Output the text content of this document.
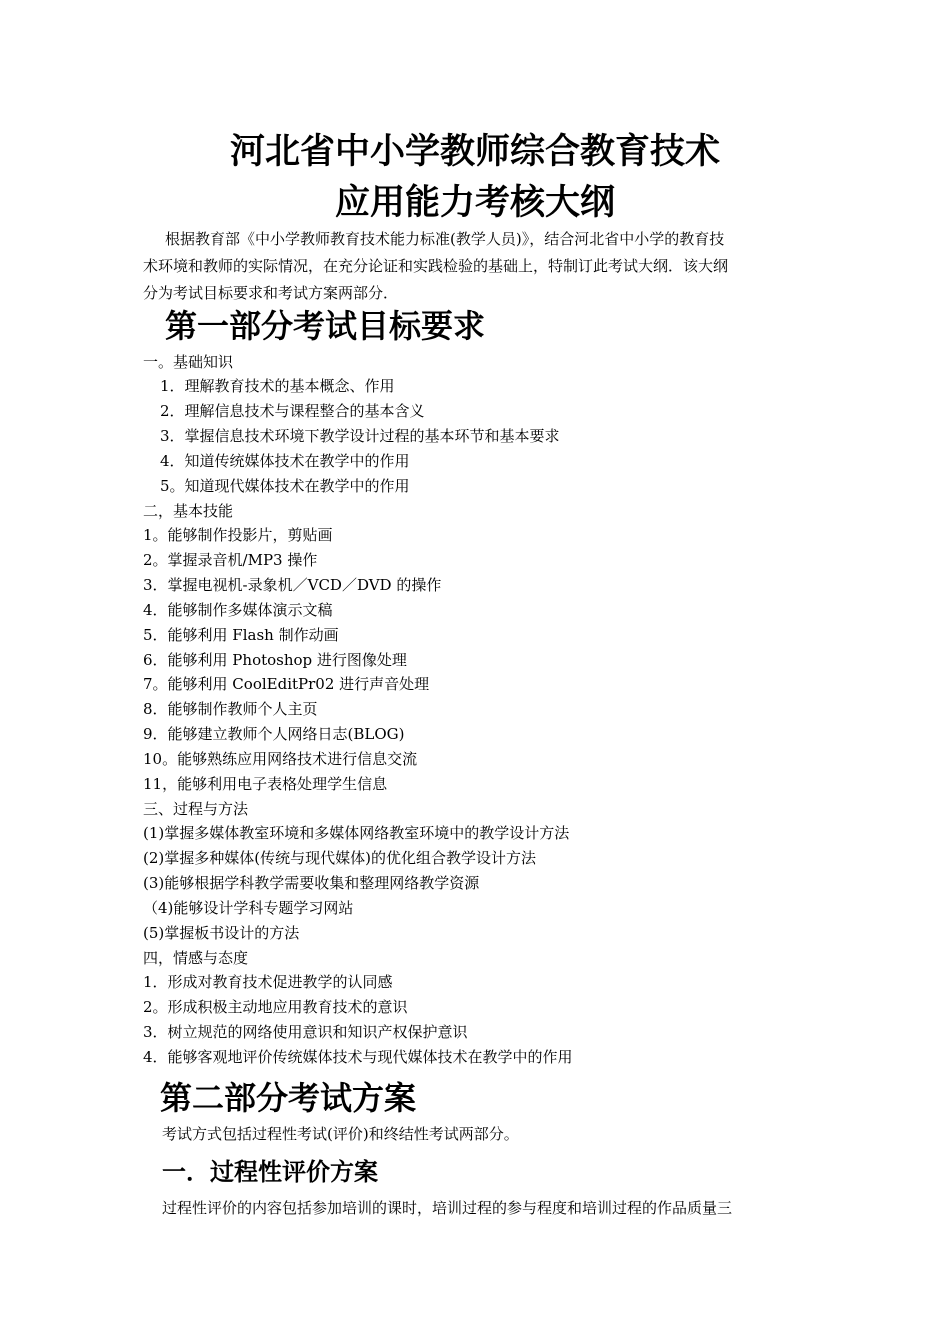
河北省中小学教师综合教育技术
应用能力考核大纲

根据教育部《中小学教师教育技术能力标准(教学人员)》，结合河北省中小学的教育技

术环境和教师的实际情况，在充分论证和实践检验的基础上，特制订此考试大纲．该大纲

分为考试目标要求和考试方案两部分．

第一部分考试目标要求
一。基础知识
1．理解教育技术的基本概念、作用
2．理解信息技术与课程整合的基本含义
3．掌握信息技术环境下教学设计过程的基本环节和基本要求
4．知道传统媒体技术在教学中的作用
5。知道现代媒体技术在教学中的作用
二，基本技能
1。能够制作投影片，剪贴画
2。掌握录音机/MP3 操作
3．掌握电视机-录象机／VCD／DVD 的操作
4．能够制作多媒体演示文稿
5．能够利用 Flash 制作动画
6．能够利用 Photoshop 进行图像处理
7。能够利用 CoolEditPr02 进行声音处理
8．能够制作教师个人主页
9．能够建立教师个人网络日志(BLOG)
10。能够熟练应用网络技术进行信息交流
11，能够利用电子表格处理学生信息
三、过程与方法
(1)掌握多媒体教室环境和多媒体网络教室环境中的教学设计方法
(2)掌握多种媒体(传统与现代媒体)的优化组合教学设计方法
(3)能够根据学科教学需要收集和整理网络教学资源
（4)能够设计学科专题学习网站
(5)掌握板书设计的方法
四，情感与态度
1．形成对教育技术促进教学的认同感
2。形成积极主动地应用教育技术的意识
3．树立规范的网络使用意识和知识产权保护意识
4．能够客观地评价传统媒体技术与现代媒体技术在教学中的作用
第二部分考试方案
考试方式包括过程性考试(评价)和终结性考试两部分。
一．过程性评价方案
过程性评价的内容包括参加培训的课时，培训过程的参与程度和培训过程的作品质量三
